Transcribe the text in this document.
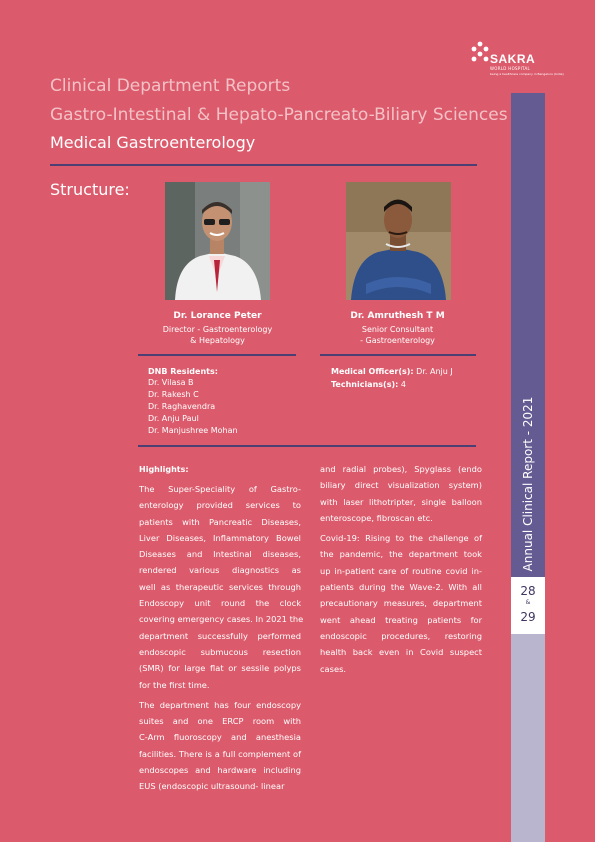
SAKRA
WORLD HOSPITAL
being a healthcare company in Bengaluru (India)
Clinical Department Reports
Gastro-Intestinal & Hepato-Pancreato-Biliary Sciences
Medical Gastroenterology
Structure:
Dr. Lorance Peter
Director - Gastroenterology
& Hepatology
Dr. Amruthesh T M
Senior Consultant
- Gastroenterology
DNB Residents:
Dr. Vilasa B
Dr. Rakesh C
Dr. Raghavendra
Dr. Anju Paul
Dr. Manjushree Mohan
Medical Officer(s): Dr. Anju J
Technicians(s): 4
Highlights:
The Super-Speciality of Gastro-
enterology provided services to
patients with Pancreatic Diseases,
Liver Diseases, Inflammatory Bowel
Diseases and Intestinal diseases,
rendered various diagnostics as
well as therapeutic services through
Endoscopy unit round the clock
covering emergency cases. In 2021 the
department successfully performed
endoscopic submucous resection
(SMR) for large flat or sessile polyps
for the first time.
The department has four endoscopy
suites and one ERCP room with
C-Arm fluoroscopy and anesthesia
facilities. There is a full complement of
endoscopes and hardware including
EUS (endoscopic ultrasound- linear
and radial probes), Spyglass (endo
biliary direct visualization system)
with laser lithotripter, single balloon
enteroscope, fibroscan etc.
Covid-19: Rising to the challenge of
the pandemic, the department took
up in-patient care of routine covid in-
patients during the Wave-2. With all
precautionary measures, department
went ahead treating patients for
endoscopic procedures, restoring
health back even in Covid suspect
cases.
Annual Clinical Report - 2021
28
&
29
